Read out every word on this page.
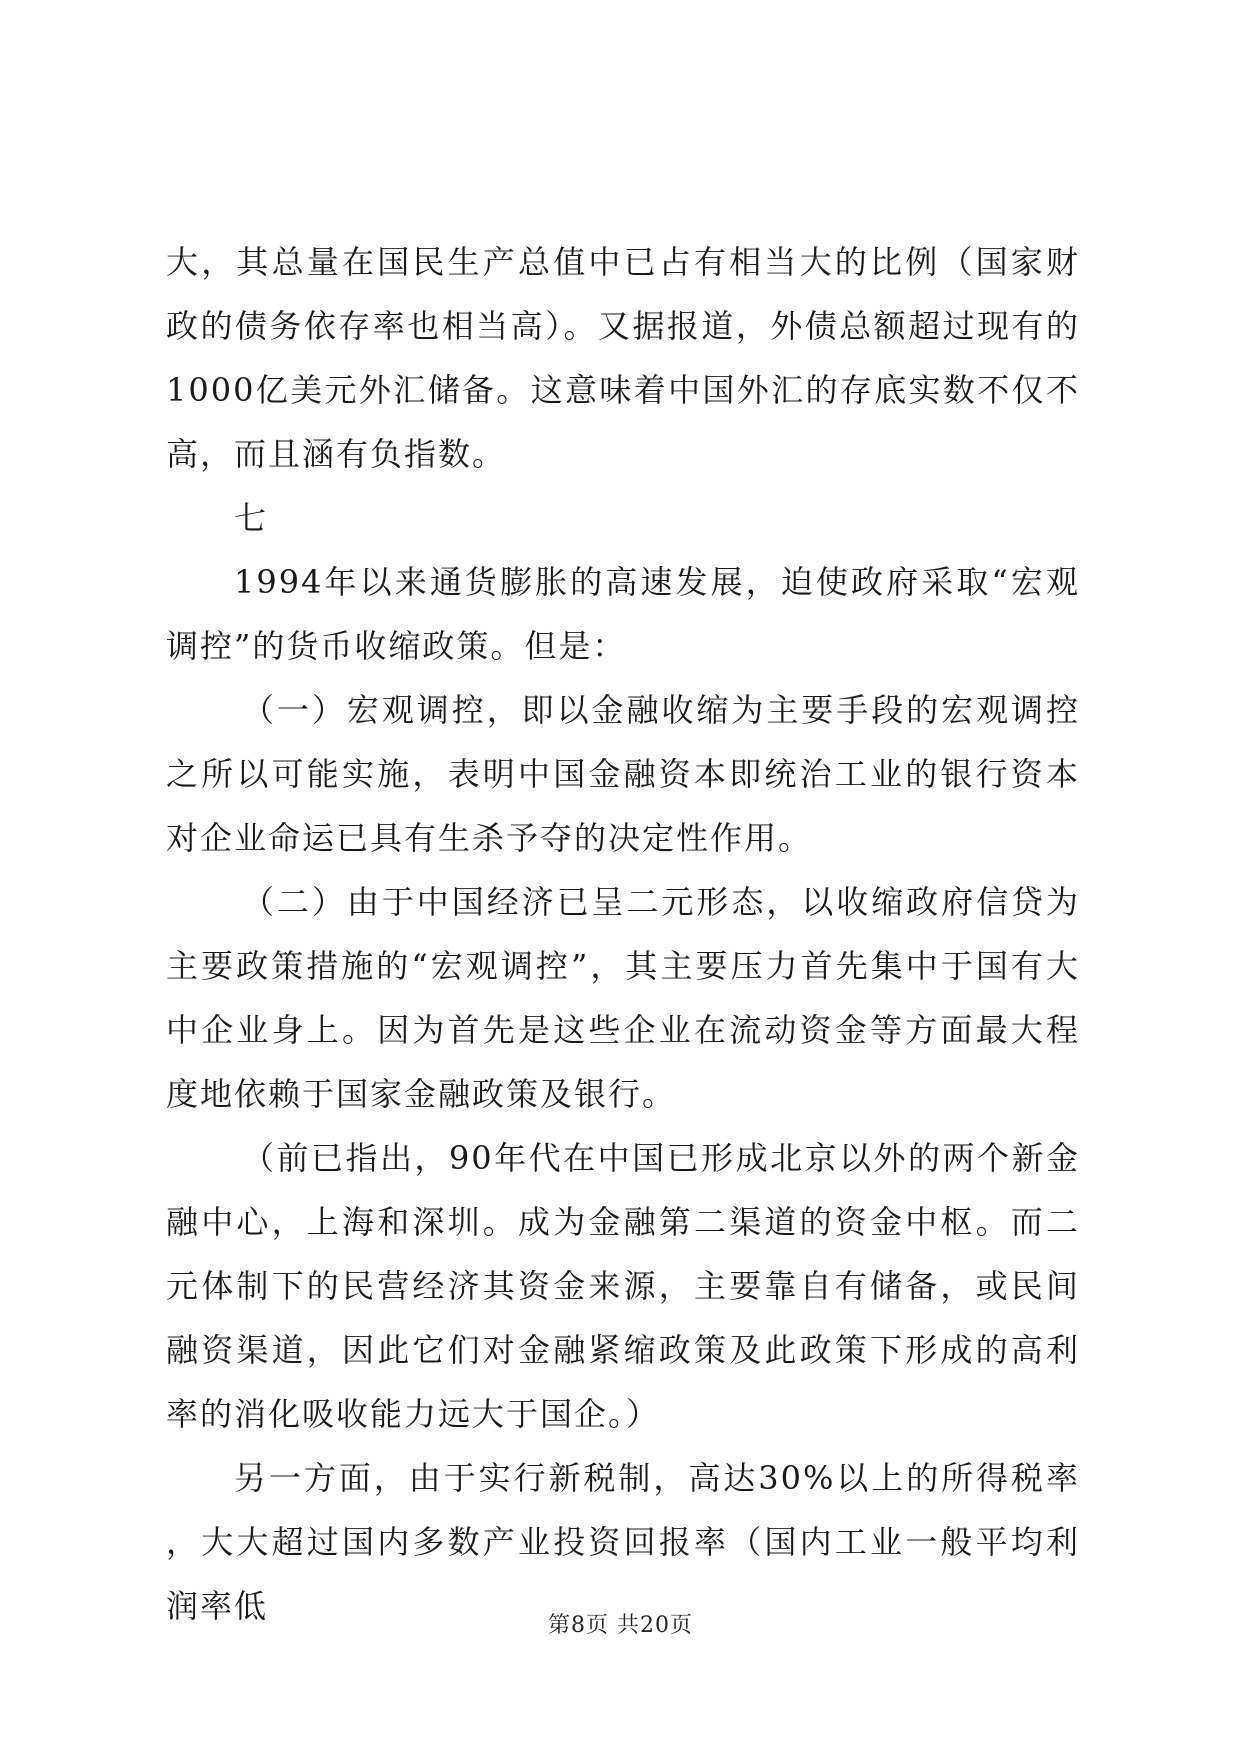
大，其总量在国民生产总值中已占有相当大的比例（国家财政的债务依存率也相当高）。又据报道，外债总额超过现有的1000亿美元外汇储备。这意味着中国外汇的存底实数不仅不高，而且涵有负指数。

七

1994年以来通货膨胀的高速发展，迫使政府采取“宏观调控”的货币收缩政策。但是：

（一）宏观调控，即以金融收缩为主要手段的宏观调控之所以可能实施，表明中国金融资本即统治工业的银行资本对企业命运已具有生杀予夺的决定性作用。

（二）由于中国经济已呈二元形态，以收缩政府信贷为主要政策措施的“宏观调控”，其主要压力首先集中于国有大中企业身上。因为首先是这些企业在流动资金等方面最大程度地依赖于国家金融政策及银行。

（前已指出，90年代在中国已形成北京以外的两个新金融中心，上海和深圳。成为金融第二渠道的资金中枢。而二元体制下的民营经济其资金来源，主要靠自有储备，或民间融资渠道，因此它们对金融紧缩政策及此政策下形成的高利率的消化吸收能力远大于国企。）

另一方面，由于实行新税制，高达30%以上的所得税率，大大超过国内多数产业投资回报率（国内工业一般平均利润率低

第8页 共20页
